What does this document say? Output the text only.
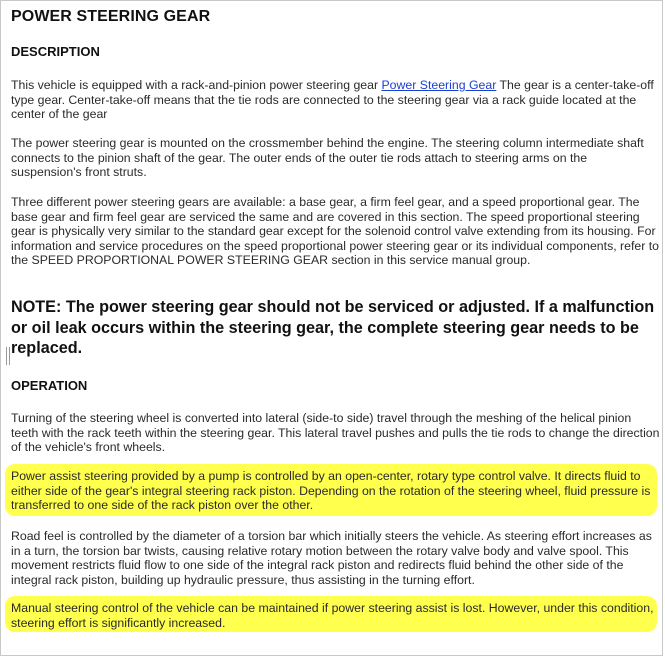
POWER STEERING GEAR
DESCRIPTION

This vehicle is equipped with a rack-and-pinion power steering gear Power Steering Gear The gear is a center-take-off type gear. Center-take-off means that the tie rods are connected to the steering gear via a rack guide located at the center of the gear

The power steering gear is mounted on the crossmember behind the engine. The steering column intermediate shaft connects to the pinion shaft of the gear. The outer ends of the outer tie rods attach to steering arms on the suspension's front struts.

Three different power steering gears are available: a base gear, a firm feel gear, and a speed proportional gear. The base gear and firm feel gear are serviced the same and are covered in this section. The speed proportional steering gear is physically very similar to the standard gear except for the solenoid control valve extending from its housing. For information and service procedures on the speed proportional power steering gear or its individual components, refer to the SPEED PROPORTIONAL POWER STEERING GEAR section in this service manual group.

NOTE: The power steering gear should not be serviced or adjusted. If a malfunction or oil leak occurs within the steering gear, the complete steering gear needs to be replaced.

OPERATION

Turning of the steering wheel is converted into lateral (side-to side) travel through the meshing of the helical pinion teeth with the rack teeth within the steering gear. This lateral travel pushes and pulls the tie rods to change the direction of the vehicle's front wheels.

Power assist steering provided by a pump is controlled by an open-center, rotary type control valve. It directs fluid to either side of the gear's integral steering rack piston. Depending on the rotation of the steering wheel, fluid pressure is transferred to one side of the rack piston over the other.

Road feel is controlled by the diameter of a torsion bar which initially steers the vehicle. As steering effort increases as in a turn, the torsion bar twists, causing relative rotary motion between the rotary valve body and valve spool. This movement restricts fluid flow to one side of the integral rack piston and redirects fluid behind the other side of the integral rack piston, building up hydraulic pressure, thus assisting in the turning effort.

Manual steering control of the vehicle can be maintained if power steering assist is lost. However, under this condition, steering effort is significantly increased.
